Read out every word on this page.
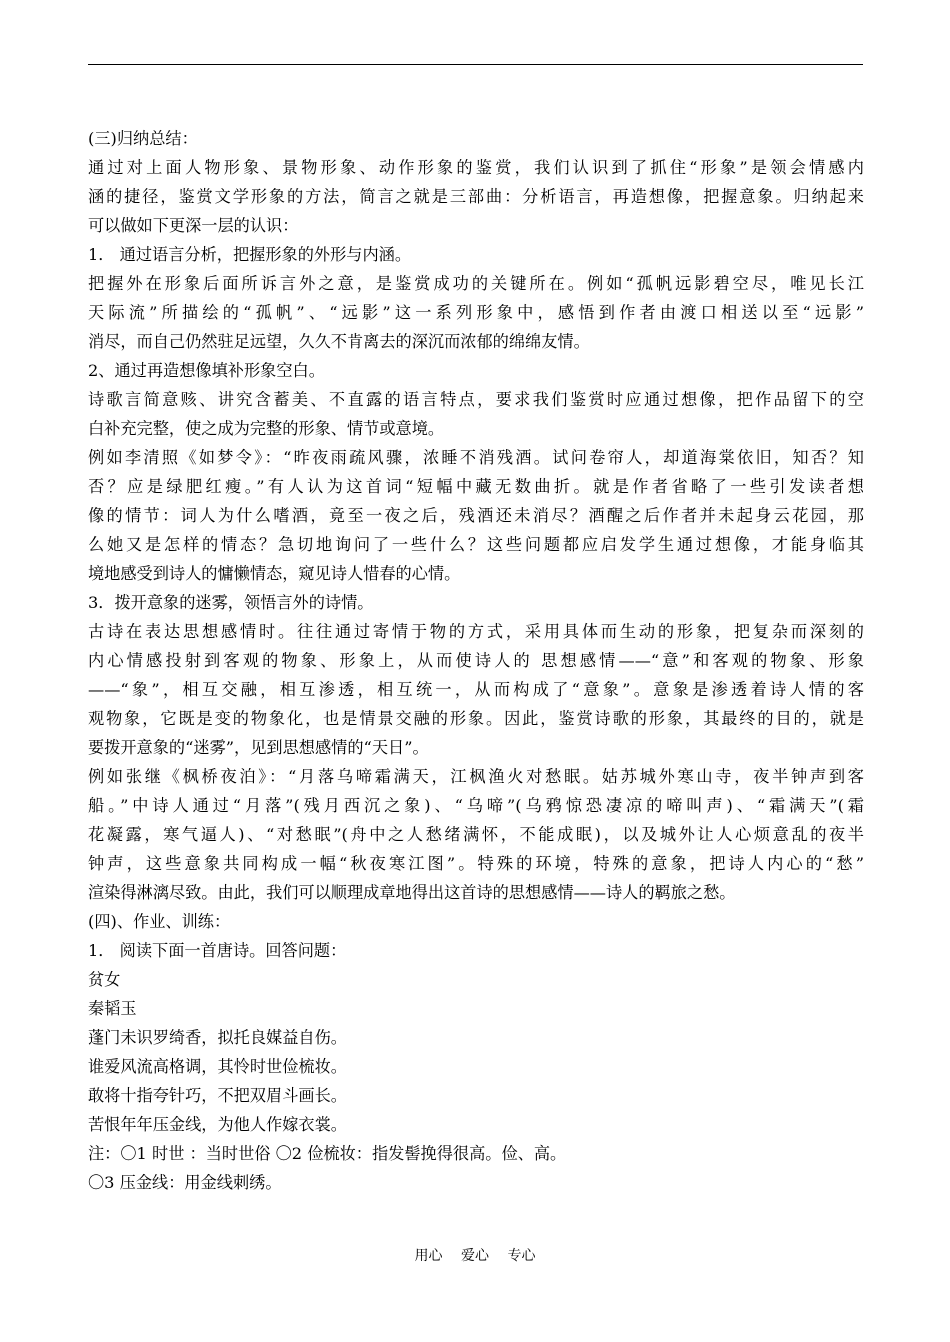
(三)归纳总结：
通过对上面人物形象、景物形象、动作形象的鉴赏，我们认识到了抓住“形象”是领会情感内
涵的捷径，鉴赏文学形象的方法，简言之就是三部曲：分析语言，再造想像，把握意象。归纳起来
可以做如下更深一层的认识：
1． 通过语言分析，把握形象的外形与内涵。
把握外在形象后面所诉言外之意，是鉴赏成功的关键所在。例如“孤帆远影碧空尽，唯见长江
天际流”所描绘的“孤帆”、“远影”这一系列形象中，感悟到作者由渡口相送以至“远影”
消尽，而自己仍然驻足远望，久久不肯离去的深沉而浓郁的绵绵友情。
2、通过再造想像填补形象空白。
诗歌言简意赅、讲究含蓄美、不直露的语言特点，要求我们鉴赏时应通过想像，把作品留下的空
白补充完整，使之成为完整的形象、情节或意境。
例如李清照《如梦令》：“昨夜雨疏风骤，浓睡不消残酒。试问卷帘人，却道海棠依旧，知否？知
否？应是绿肥红瘦。”有人认为这首词“短幅中藏无数曲折。就是作者省略了一些引发读者想
像的情节：词人为什么嗜酒，竟至一夜之后，残酒还未消尽？酒醒之后作者并未起身云花园，那
么她又是怎样的情态？急切地询问了一些什么？这些问题都应启发学生通过想像，才能身临其
境地感受到诗人的慵懒情态，窥见诗人惜春的心情。
3．拨开意象的迷雾，领悟言外的诗情。
古诗在表达思想感情时。往往通过寄情于物的方式，采用具体而生动的形象，把复杂而深刻的
内心情感投射到客观的物象、形象上，从而使诗人的 思想感情——“意”和客观的物象、形象
——“象”，相互交融，相互渗透，相互统一，从而构成了“意象”。意象是渗透着诗人情的客
观物象，它既是变的物象化，也是情景交融的形象。因此，鉴赏诗歌的形象，其最终的目的，就是
要拨开意象的“迷雾”，见到思想感情的“天日”。
例如张继《枫桥夜泊》：“月落乌啼霜满天，江枫渔火对愁眠。姑苏城外寒山寺，夜半钟声到客
船。”中诗人通过“月落”(残月西沉之象)、“乌啼”(乌鸦惊恐凄凉的啼叫声)、“霜满天”(霜
花凝露，寒气逼人)、“对愁眠”(舟中之人愁绪满怀，不能成眠)，以及城外让人心烦意乱的夜半
钟声，这些意象共同构成一幅“秋夜寒江图”。特殊的环境，特殊的意象，把诗人内心的“愁”
渲染得淋漓尽致。由此，我们可以顺理成章地得出这首诗的思想感情——诗人的羁旅之愁。
(四)、作业、训练：
1． 阅读下面一首唐诗。回答问题：
贫女
秦韬玉
蓬门未识罗绮香，拟托良媒益自伤。
谁爱风流高格调，其怜时世俭梳妆。
敢将十指夸针巧，不把双眉斗画长。
苦恨年年压金线，为他人作嫁衣裳。
注：〇1 时世 ：当时世俗 〇2 俭梳妆：指发髻挽得很高。俭、高。
〇3 压金线：用金线刺绣。
用心 爱心 专心
